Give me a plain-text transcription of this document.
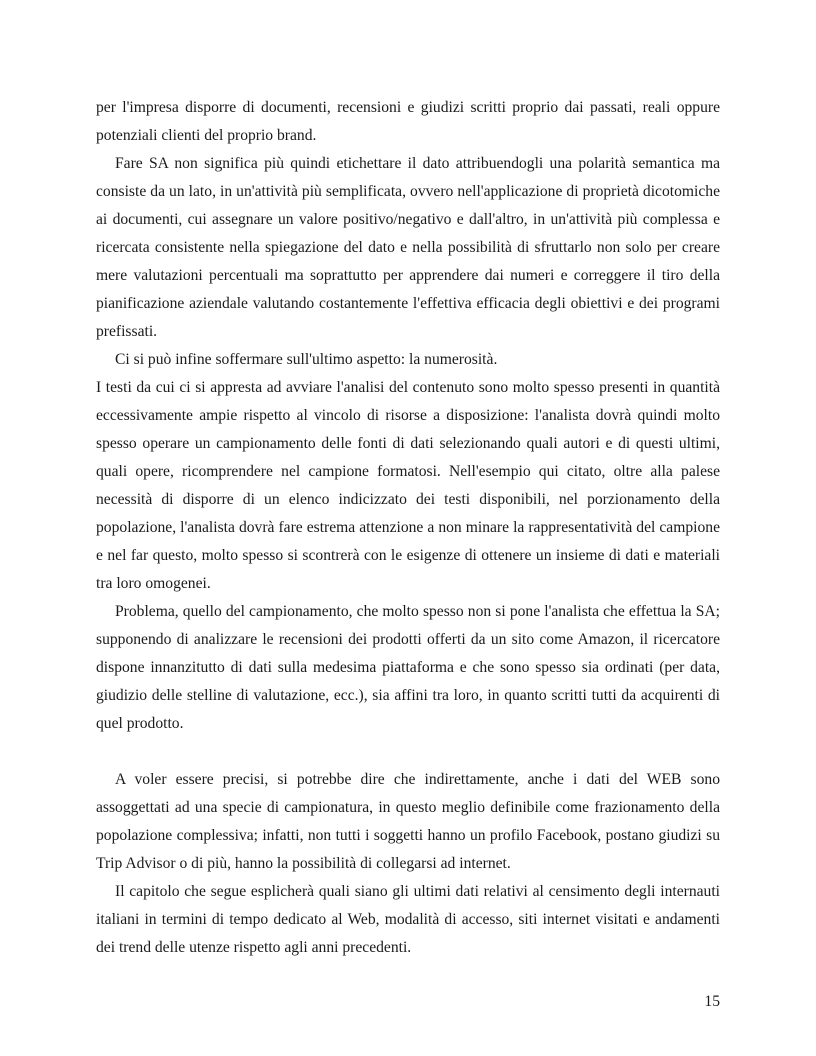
per l'impresa disporre di documenti, recensioni e giudizi scritti proprio dai passati, reali oppure potenziali clienti del proprio brand.

Fare SA non significa più quindi etichettare il dato attribuendogli una polarità semantica ma consiste da un lato, in un'attività più semplificata, ovvero nell'applicazione di proprietà dicotomiche ai documenti, cui assegnare un valore positivo/negativo e dall'altro, in un'attività più complessa e ricercata consistente nella spiegazione del dato e nella possibilità di sfruttarlo non solo per creare mere valutazioni percentuali ma soprattutto per apprendere dai numeri e correggere il tiro della pianificazione aziendale valutando costantemente l'effettiva efficacia degli obiettivi e dei programi prefissati.

Ci si può infine soffermare sull'ultimo aspetto: la numerosità.

I testi da cui ci si appresta ad avviare l'analisi del contenuto sono molto spesso presenti in quantità eccessivamente ampie rispetto al vincolo di risorse a disposizione: l'analista dovrà quindi molto spesso operare un campionamento delle fonti di dati selezionando quali autori e di questi ultimi, quali opere, ricomprendere nel campione formatosi. Nell'esempio qui citato, oltre alla palese necessità di disporre di un elenco indicizzato dei testi disponibili, nel porzionamento della popolazione, l'analista dovrà fare estrema attenzione a non minare la rappresentatività del campione e nel far questo, molto spesso si scontrerà con le esigenze di ottenere un insieme di dati e materiali tra loro omogenei.

Problema, quello del campionamento, che molto spesso non si pone l'analista che effettua la SA; supponendo di analizzare le recensioni dei prodotti offerti da un sito come Amazon, il ricercatore dispone innanzitutto di dati sulla medesima piattaforma e che sono spesso sia ordinati (per data, giudizio delle stelline di valutazione, ecc.), sia affini tra loro, in quanto scritti tutti da acquirenti di quel prodotto.

A voler essere precisi, si potrebbe dire che indirettamente, anche i dati del WEB sono assoggettati ad una specie di campionatura, in questo meglio definibile come frazionamento della popolazione complessiva; infatti, non tutti i soggetti hanno un profilo Facebook, postano giudizi su Trip Advisor o di più, hanno la possibilità di collegarsi ad internet.

Il capitolo che segue esplicherà quali siano gli ultimi dati relativi al censimento degli internauti italiani in termini di tempo dedicato al Web, modalità di accesso, siti internet visitati e andamenti dei trend delle utenze rispetto agli anni precedenti.

15
